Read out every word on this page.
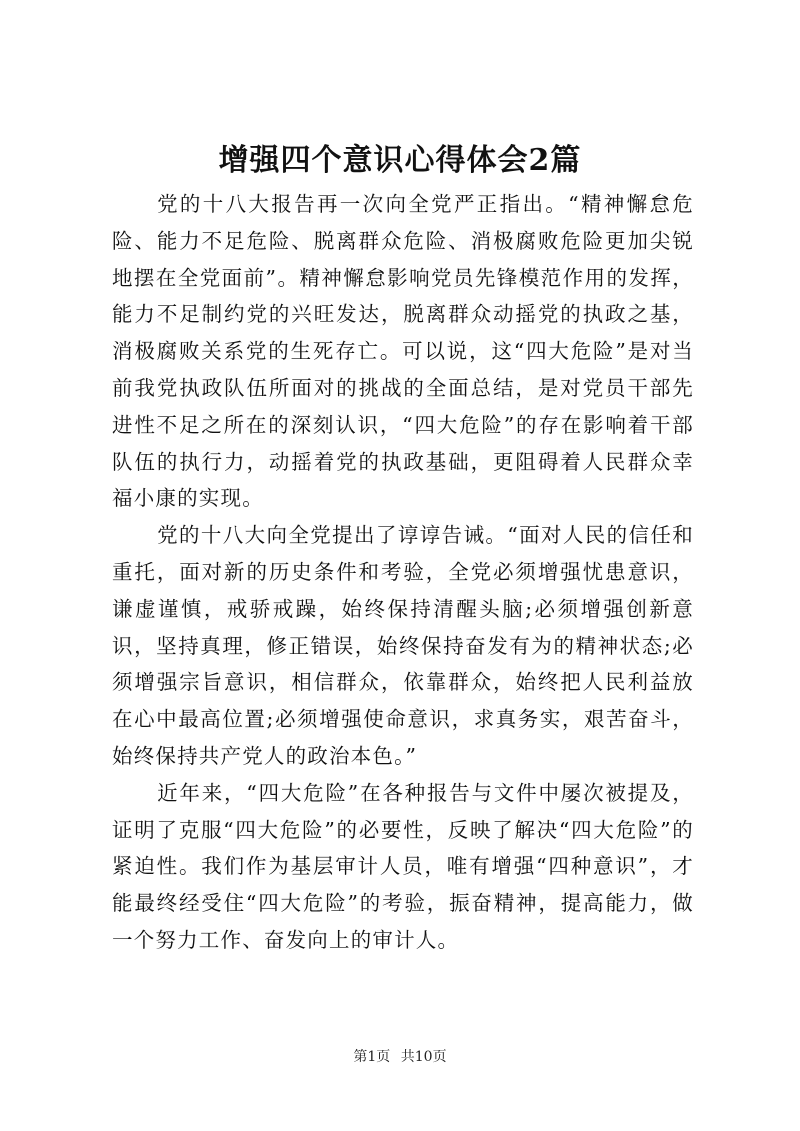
增强四个意识心得体会2篇

党的十八大报告再一次向全党严正指出。“精神懈怠危险、能力不足危险、脱离群众危险、消极腐败危险更加尖锐地摆在全党面前”。精神懈怠影响党员先锋模范作用的发挥，能力不足制约党的兴旺发达，脱离群众动摇党的执政之基，消极腐败关系党的生死存亡。可以说，这“四大危险”是对当前我党执政队伍所面对的挑战的全面总结，是对党员干部先进性不足之所在的深刻认识，“四大危险”的存在影响着干部队伍的执行力，动摇着党的执政基础，更阻碍着人民群众幸福小康的实现。

党的十八大向全党提出了谆谆告诫。“面对人民的信任和重托，面对新的历史条件和考验，全党必须增强忧患意识，谦虚谨慎，戒骄戒躁，始终保持清醒头脑;必须增强创新意识，坚持真理，修正错误，始终保持奋发有为的精神状态;必须增强宗旨意识，相信群众，依靠群众，始终把人民利益放在心中最高位置;必须增强使命意识，求真务实，艰苦奋斗，始终保持共产党人的政治本色。”

近年来，“四大危险”在各种报告与文件中屡次被提及，证明了克服“四大危险”的必要性，反映了解决“四大危险”的紧迫性。我们作为基层审计人员，唯有增强“四种意识”，才能最终经受住“四大危险”的考验，振奋精神，提高能力，做一个努力工作、奋发向上的审计人。

第1页 共10页
